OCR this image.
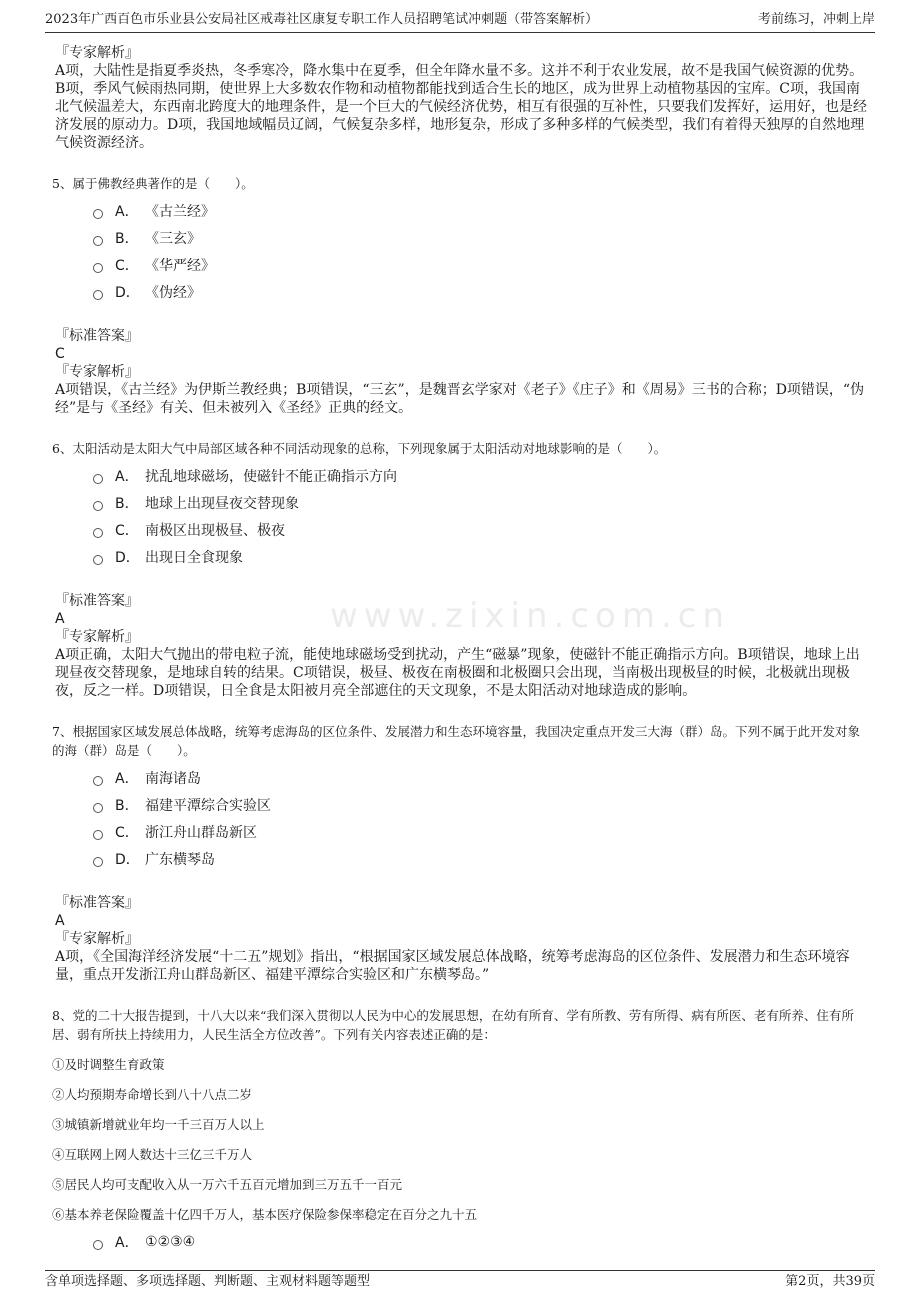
2023年广西百色市乐业县公安局社区戒毒社区康复专职工作人员招聘笔试冲刺题（带答案解析）	考前练习，冲刺上岸
www.zixin.com.cn

『专家解析』

A项，大陆性是指夏季炎热，冬季寒冷，降水集中在夏季，但全年降水量不多。这并不利于农业发展，故不是我国气候资源的优势。B项，季风气候雨热同期，使世界上大多数农作物和动植物都能找到适合生长的地区，成为世界上动植物基因的宝库。C项，我国南北气候温差大，东西南北跨度大的地理条件，是一个巨大的气候经济优势，相互有很强的互补性，只要我们发挥好，运用好，也是经济发展的原动力。D项，我国地域幅员辽阔，气候复杂多样，地形复杂，形成了多种多样的气候类型，我们有着得天独厚的自然地理气候资源经济。

5、属于佛教经典著作的是（　　）。

A． 《古兰经》
B． 《三玄》
C． 《华严经》
D． 《伪经》

『标准答案』

C

『专家解析』

A项错误，《古兰经》为伊斯兰教经典；B项错误，“三玄”，是魏晋玄学家对《老子》《庄子》和《周易》三书的合称；D项错误，“伪经”是与《圣经》有关、但未被列入《圣经》正典的经文。

6、太阳活动是太阳大气中局部区域各种不同活动现象的总称，下列现象属于太阳活动对地球影响的是（　　）。

A． 扰乱地球磁场，使磁针不能正确指示方向
B． 地球上出现昼夜交替现象
C． 南极区出现极昼、极夜
D． 出现日全食现象

『标准答案』

A

『专家解析』

A项正确，太阳大气抛出的带电粒子流，能使地球磁场受到扰动，产生“磁暴”现象，使磁针不能正确指示方向。B项错误，地球上出现昼夜交替现象，是地球自转的结果。C项错误，极昼、极夜在南极圈和北极圈只会出现，当南极出现极昼的时候，北极就出现极夜，反之一样。D项错误，日全食是太阳被月亮全部遮住的天文现象，不是太阳活动对地球造成的影响。

7、根据国家区域发展总体战略，统筹考虑海岛的区位条件、发展潜力和生态环境容量，我国决定重点开发三大海（群）岛。下列不属于此开发对象的海（群）岛是（　　）。

A． 南海诸岛
B． 福建平潭综合实验区
C． 浙江舟山群岛新区
D． 广东横琴岛

『标准答案』

A

『专家解析』

A项，《全国海洋经济发展“十二五”规划》指出，“根据国家区域发展总体战略，统筹考虑海岛的区位条件、发展潜力和生态环境容量，重点开发浙江舟山群岛新区、福建平潭综合实验区和广东横琴岛。”

8、党的二十大报告提到，十八大以来“我们深入贯彻以人民为中心的发展思想，在幼有所育、学有所教、劳有所得、病有所医、老有所养、住有所居、弱有所扶上持续用力，人民生活全方位改善”。下列有关内容表述正确的是：

①及时调整生育政策

②人均预期寿命增长到八十八点二岁

③城镇新增就业年均一千三百万人以上

④互联网上网人数达十三亿三千万人

⑤居民人均可支配收入从一万六千五百元增加到三万五千一百元

⑥基本养老保险覆盖十亿四千万人，基本医疗保险参保率稳定在百分之九十五

A． ①②③④
含单项选择题、多项选择题、判断题、主观材料题等题型	第2页，共39页
